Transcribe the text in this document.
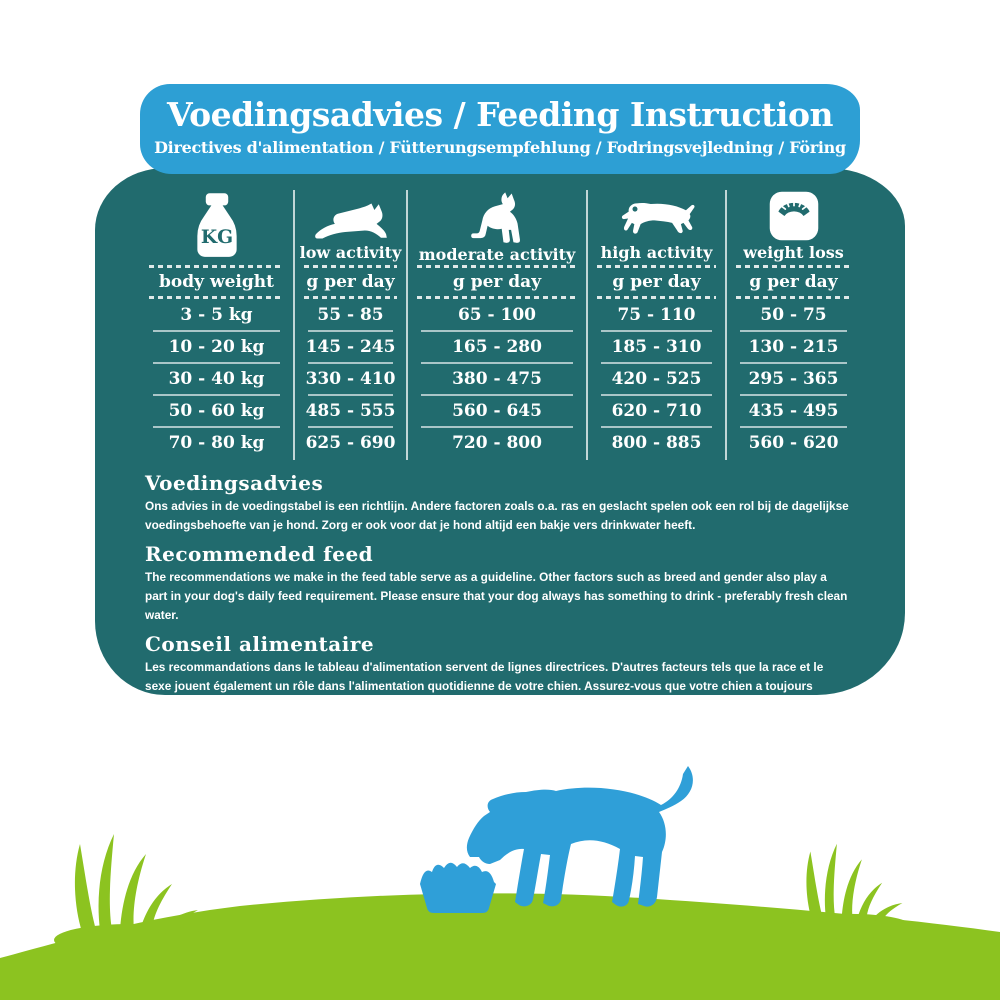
Voedingsadvies / Feeding Instruction
Directives d'alimentation / Fütterungsempfehlung / Fodringsvejledning / Föring
KG
body weight
3 - 5 kg
10 - 20 kg
30 - 40 kg
50 - 60 kg
70 - 80 kg
low activity
g per day
55 - 85
145 - 245
330 - 410
485 - 555
625 - 690
moderate activity
g per day
65 - 100
165 - 280
380 - 475
560 - 645
720 - 800
high activity
g per day
75 - 110
185 - 310
420 - 525
620 - 710
800 - 885
weight loss
g per day
50 - 75
130 - 215
295 - 365
435 - 495
560 - 620
Voedingsadvies
Ons advies in de voedingstabel is een richtlijn. Andere factoren zoals o.a. ras en geslacht spelen ook een rol bij de dagelijkse voedingsbehoefte van je hond. Zorg er ook voor dat je hond altijd een bakje vers drinkwater heeft.
Recommended feed
The recommendations we make in the feed table serve as a guideline. Other factors such as breed and gender also play a part in your dog's daily feed requirement. Please ensure that your dog always has something to drink - preferably fresh clean water.
Conseil alimentaire
Les recommandations dans le tableau d'alimentation servent de lignes directrices. D'autres facteurs tels que la race et le sexe jouent également un rôle dans l'alimentation quotidienne de votre chien. Assurez-vous que votre chien a toujours quelque chose à boire - de préférence de l'eau propre et fraîche.
